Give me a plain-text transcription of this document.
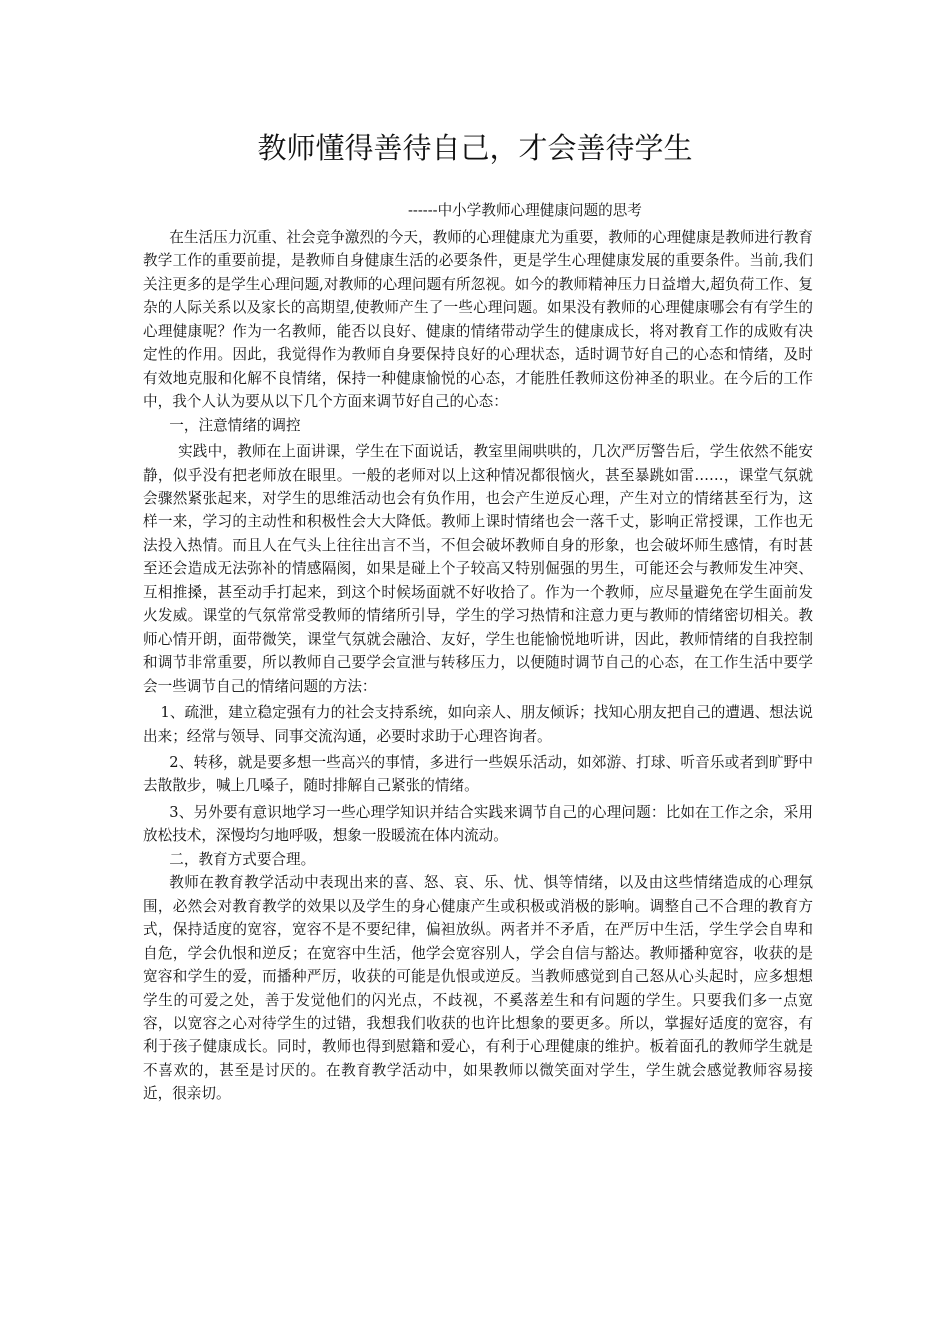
教师懂得善待自己，才会善待学生
------中小学教师心理健康问题的思考

在生活压力沉重、社会竞争激烈的今天，教师的心理健康尤为重要，教师的心理健康是教师进行教育教学工作的重要前提，是教师自身健康生活的必要条件，更是学生心理健康发展的重要条件。当前,我们关注更多的是学生心理问题,对教师的心理问题有所忽视。如今的教师精神压力日益增大,超负荷工作、复杂的人际关系以及家长的高期望,使教师产生了一些心理问题。如果没有教师的心理健康哪会有有学生的心理健康呢？作为一名教师，能否以良好、健康的情绪带动学生的健康成长，将对教育工作的成败有决定性的作用。因此，我觉得作为教师自身要保持良好的心理状态，适时调节好自己的心态和情绪，及时有效地克服和化解不良情绪，保持一种健康愉悦的心态，才能胜任教师这份神圣的职业。在今后的工作中，我个人认为要从以下几个方面来调节好自己的心态：

一，注意情绪的调控

实践中，教师在上面讲课，学生在下面说话，教室里闹哄哄的，几次严厉警告后，学生依然不能安静，似乎没有把老师放在眼里。一般的老师对以上这种情况都很恼火，甚至暴跳如雷……，课堂气氛就会骤然紧张起来，对学生的思维活动也会有负作用，也会产生逆反心理，产生对立的情绪甚至行为，这样一来，学习的主动性和积极性会大大降低。教师上课时情绪也会一落千丈，影响正常授课，工作也无法投入热情。而且人在气头上往往出言不当，不但会破坏教师自身的形象，也会破坏师生感情，有时甚至还会造成无法弥补的情感隔阂，如果是碰上个子较高又特别倔强的男生，可能还会与教师发生冲突、互相推搡，甚至动手打起来，到这个时候场面就不好收拾了。作为一个教师，应尽量避免在学生面前发火发威。课堂的气氛常常受教师的情绪所引导，学生的学习热情和注意力更与教师的情绪密切相关。教师心情开朗，面带微笑，课堂气氛就会融洽、友好，学生也能愉悦地听讲，因此，教师情绪的自我控制和调节非常重要，所以教师自己要学会宣泄与转移压力，以便随时调节自己的心态，在工作生活中要学会一些调节自己的情绪问题的方法：

1、疏泄，建立稳定强有力的社会支持系统，如向亲人、朋友倾诉；找知心朋友把自己的遭遇、想法说出来；经常与领导、同事交流沟通，必要时求助于心理咨询者。

2、转移，就是要多想一些高兴的事情，多进行一些娱乐活动，如郊游、打球、听音乐或者到旷野中去散散步，喊上几嗓子，随时排解自己紧张的情绪。

3、另外要有意识地学习一些心理学知识并结合实践来调节自己的心理问题：比如在工作之余，采用放松技术，深慢均匀地呼吸，想象一股暖流在体内流动。

二，教育方式要合理。

教师在教育教学活动中表现出来的喜、怒、哀、乐、忧、惧等情绪，以及由这些情绪造成的心理氛围，必然会对教育教学的效果以及学生的身心健康产生或积极或消极的影响。调整自己不合理的教育方式，保持适度的宽容，宽容不是不要纪律，偏袒放纵。两者并不矛盾，在严厉中生活，学生学会自卑和自危，学会仇恨和逆反；在宽容中生活，他学会宽容别人，学会自信与豁达。教师播种宽容，收获的是宽容和学生的爱，而播种严厉，收获的可能是仇恨或逆反。当教师感觉到自己怒从心头起时，应多想想学生的可爱之处，善于发觉他们的闪光点，不歧视，不奚落差生和有问题的学生。只要我们多一点宽容，以宽容之心对待学生的过错，我想我们收获的也许比想象的要更多。所以，掌握好适度的宽容，有利于孩子健康成长。同时，教师也得到慰籍和爱心，有利于心理健康的维护。板着面孔的教师学生就是不喜欢的，甚至是讨厌的。在教育教学活动中，如果教师以微笑面对学生，学生就会感觉教师容易接近，很亲切。
